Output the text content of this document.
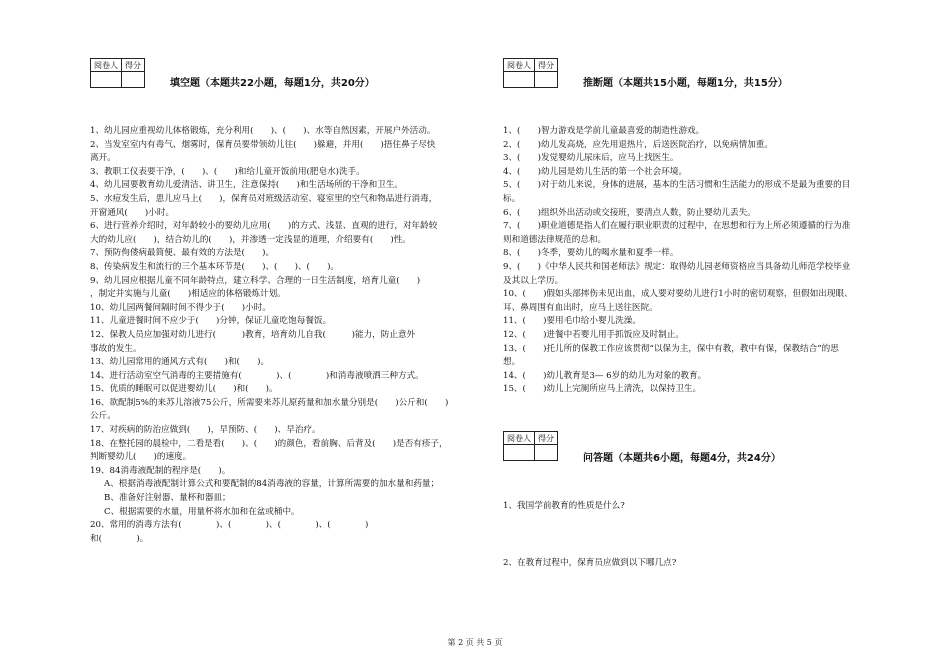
阅卷人	得分

填空题（本题共22小题，每题1分，共20分）

1、幼儿园应重视幼儿体格锻炼，充分利用(　　)、(　　)、水等自然因素，开展户外活动。

2、当发室室内有毒气、烟雾时，保育员要带领幼儿往(　　)躲避，并用(　　)捂住鼻子尽快

离开。

3、教职工仪表要干净，(　　)、(　　)和给儿童开饭前用(肥皂水)洗手。

4、幼儿园要教育幼儿爱清洁、讲卫生，注意保持(　　)和生活场所的干净和卫生。

5、水痘发生后，患儿应马上(　　)，保育员对班级活动室、寝室里的空气和物品进行消毒，

开窗通风(　　)小时。

6、进行营养介绍时，对年龄较小的要幼儿应用(　　)的方式、浅显、直观的进行，对年龄较

大的幼儿应(　　)，结合幼儿的(　　)，并渗透一定浅显的道理，介绍要有(　　)性。

7、预防佝偻病最简便、最有效的方法是(　　)。

8、传染病发生和流行的三个基本环节是(　　)、(　　)、(　　)。

9、幼儿园应根据儿童不同年龄特点，建立科学、合理的一日生活制度，培育儿童(　　)

，制定并实施与儿童(　　)相适应的体格锻炼计划。

10、幼儿园两餐间隔时间不得少于(　　)小时。

11、儿童进餐时间不应少于(　　)分钟，保证儿童吃饱每餐饭。

12、保教人员应加强对幼儿进行(　　　)教育，培育幼儿自我(　　　)能力，防止意外

事故的发生。

13、幼儿园常用的通风方式有(　　)和(　　)。

14、进行活动室空气消毒的主要措施有(　　　　)、(　　　　)和消毒液喷洒三种方式。

15、优质的睡眠可以促进婴幼儿(　　)和(　　)。

16、欲配制5%的来苏儿溶液75公斤，所需要来苏儿原药量和加水量分别是(　　)公斤和(　　)

公斤。

17、对疾病的防治应做到(　　)，早预防、(　　)、早治疗。

18、在整托园的晨检中，二看是看(　　)、(　　)的颜色，看前胸、后背及(　　)是否有疹子，

判断婴幼儿(　　)的速度。

19、84消毒液配制的程序是(　　)。

A、根据消毒液配制计算公式和要配制的84消毒液的容量，计算所需要的加水量和药量；

B、准备好注射器、量杯和器皿；

C、根据需要的水量，用量杯将水加和在盆或桶中。

20、常用的消毒方法有(　　　　)、(　　　　)、(　　　　)、(　　　　)

和(　　　　)。

阅卷人	得分

推断题（本题共15小题，每题1分，共15分）

1、(　　)智力游戏是学前儿童最喜爱的制造性游戏。

2、(　　)幼儿发高烧，应先用退热片，后送医院治疗，以免病情加重。

3、(　　)发觉婴幼儿尿床后，应马上找医生。

4、(　　)幼儿园是幼儿生活的第一个社会环境。

5、(　　)对于幼儿来说，身体的进展，基本的生活习惯和生活能力的形成不是最为重要的目

标。

6、(　　)组织外出活动或交接班，要清点人数，防止婴幼儿丢失。

7、(　　)职业道德是指人们在履行职业职责的过程中，在思想和行为上所必须遵循的行为准

则和道德法律规范的总和。

8、(　　)冬季，要幼儿的喝水量和夏季一样。

9、(　　)《中华人民共和国老师法》规定：取得幼儿园老师资格应当具备幼儿师范学校毕业

及其以上学历。

10、(　　)假如头部摔伤未见出血，成人要对要幼儿进行1小时的密切观察，但假如出现眼、

耳、鼻周围有血出时，应马上送往医院。

11、(　　)要用毛巾给小婴儿洗澡。

12、(　　)进餐中若婴儿用手抓饭应及时制止。

13、(　　)托儿所的保教工作应该贯彻“以保为主，保中有教，教中有保，保教结合”的思

想。

14、(　　)幼儿教育是3— 6岁的幼儿为对象的教育。

15、(　　)幼儿上完厕所应马上清洗，以保持卫生。

阅卷人	得分

问答题（本题共6小题，每题4分，共24分）

1、我国学前教育的性质是什么?

2、在教育过程中，保育员应做到以下哪几点?

第 2 页 共 5 页
